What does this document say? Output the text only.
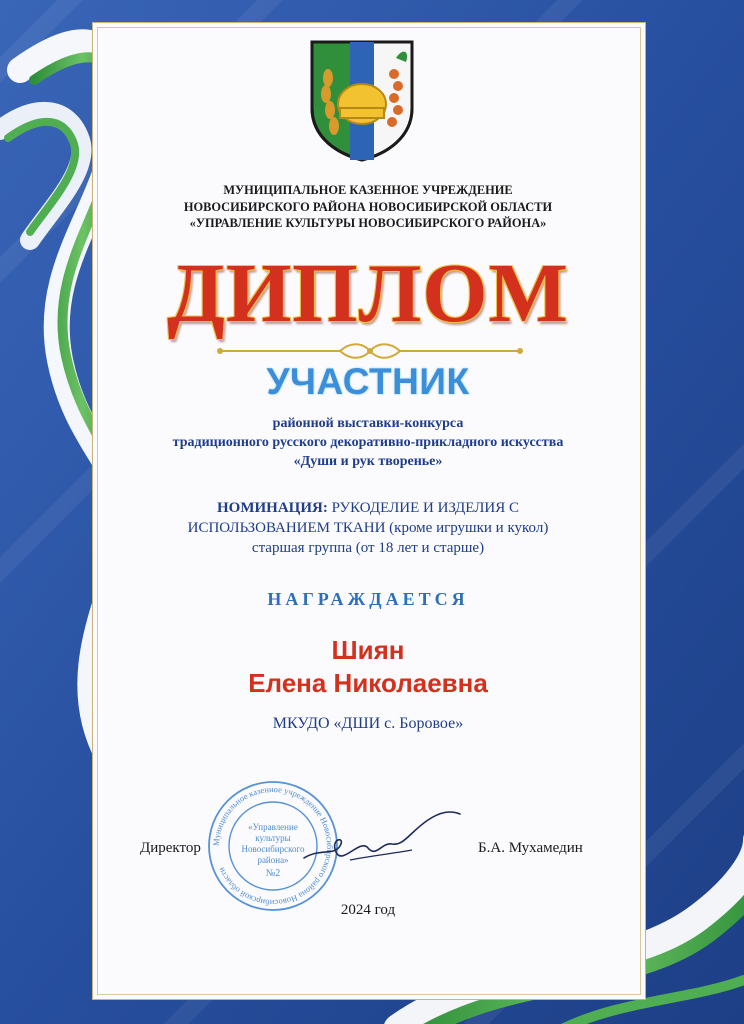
МУНИЦИПАЛЬНОЕ КАЗЕННОЕ УЧРЕЖДЕНИЕ
НОВОСИБИРСКОГО РАЙОНА НОВОСИБИРСКОЙ ОБЛАСТИ
«УПРАВЛЕНИЕ КУЛЬТУРЫ НОВОСИБИРСКОГО РАЙОНА»
ДИПЛОМ
УЧАСТНИК
районной выставки-конкурса
традиционного русского декоративно-прикладного искусства
«Души и рук творенье»
НОМИНАЦИЯ: РУКОДЕЛИЕ И ИЗДЕЛИЯ С
ИСПОЛЬЗОВАНИЕМ ТКАНИ (кроме игрушки и кукол)
старшая группа (от 18 лет и старше)
НАГРАЖДАЕТСЯ
Шиян
Елена Николаевна
МКУДО «ДШИ с. Боровое»
Муниципальное казенное учреждение Новосибирского района Новосибирской области
«Управление
культуры
Новосибирского
района»
№2
Директор	Б.А. Мухамедин
2024 год
